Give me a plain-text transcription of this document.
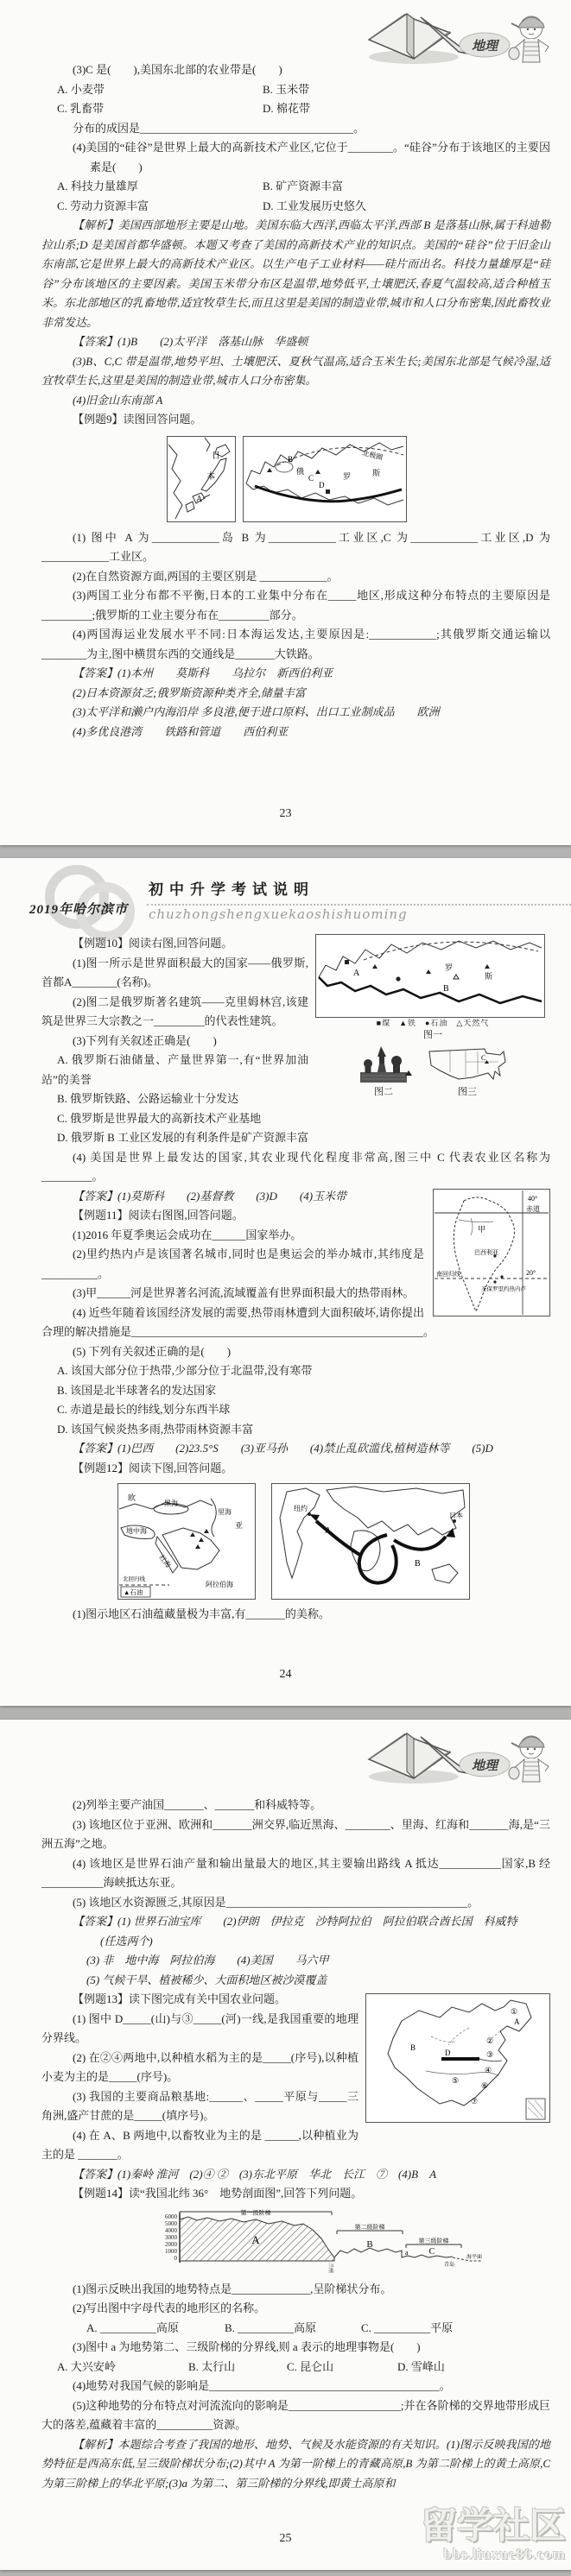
地理
(3)C 是(　　),美国东北部的农业带是(　　)
A. 小麦带	B. 玉米带
C. 乳畜带	D. 棉花带
分布的成因是______________________________________。
(4)美国的“硅谷”是世界上最大的高新技术产业区,它位于________。“硅谷”分布于该地区的主要因素是(　　)
A. 科技力量雄厚	B. 矿产资源丰富
C. 劳动力资源丰富	D. 工业发展历史悠久
【解析】美国西部地形主要是山地。美国东临大西洋,西临太平洋,西部 B 是落基山脉,属于科迪勒拉山系;D 是美国首都华盛顿。本题又考查了美国的高新技术产业的知识点。美国的“硅谷”位于旧金山东南部,它是世界上最大的高新技术产业区。以生产电子工业材料——硅片而出名。科技力量雄厚是“硅谷”分布该地区的主要因素。美国玉米带分布区是温带,地势低平,土壤肥沃,春夏气温较高,适合种植玉米。东北部地区的乳畜地带,适宜牧草生长,而且这里是美国的制造业带,城市和人口分布密集,因此畜牧业非常发达。
【答案】(1)B　　(2)太平洋　落基山脉　华盛顿
(3)B、C,C 带是温带,地势平坦、土壤肥沃、夏秋气温高,适合玉米生长;美国东北部是气候冷湿,适宜牧草生长,这里是美国的制造业带,城市人口分布密集。
(4)旧金山东南部 A
【例题9】读图回答问题。
日
本
A
B
俄
C	罗	斯
D
北极圈
(1) 图中 A 为____________岛 B 为____________工业区,C 为____________工业区,D 为____________工业区。
(2)在自然资源方面,两国的主要区别是 ____________。
(3)两国工业分布都不平衡,日本的工业集中分布在_____地区,形成这种分布特点的主要原因是_________;俄罗斯的工业主要分布在_________部分。
(4)两国海运业发展水平不同:日本海运发达,主要原因是:____________;其俄罗斯交通运输以________为主,图中横贯东西的交通线是_______大铁路。
【答案】(1)本州　　莫斯科　　乌拉尔　新西伯利亚
(2)日本资源贫乏;俄罗斯资源种类齐全,储量丰富
(3)太平洋和濑户内海沿岸 多良港,便于进口原料、出口工业制成品　　欧洲
(4)多优良港湾　　铁路和管道　　西伯利亚
23
2019年哈尔滨市
初中升学考试说明
chuzhongshengxuekaoshishuoming
A
B
罗
斯
■煤　▲铁　●石油　△天然气
图一
图二
C
图三
【例题10】阅读右图,回答问题。
(1)图一所示是世界面积最大的国家——俄罗斯,首都A________(名称)。
(2)图二是俄罗斯著名建筑——克里姆林宫,该建筑是世界三大宗教之一_________的代表性建筑。
(3)下列有关叙述正确是(　　)
A. 俄罗斯石油储量、产量世界第一,有“世界加油站”的美誉
B. 俄罗斯铁路、公路运输业十分发达
C. 俄罗斯是世界最大的高新技术产业基地
D. 俄罗斯 B 工业区发展的有利条件是矿产资源丰富
(4) 美国是世界上最发达的国家,其农业现代化程度非常高,图三中 C 代表农业区名称为_________。
40°
赤道
甲
巴西利亚
南回归线
圣保罗里约热内卢
20°
【答案】(1)莫斯科　　(2)基督教　　(3)D　　(4)玉米带
【例题11】阅读右图图,回答问题。
(1)2016 年夏季奥运会成功在______国家举办。
(2)里约热内卢是该国著名城市,同时也是奥运会的举办城市,其纬度是__________。
(3)甲______河是世界著名河流,流域覆盖有世界面积最大的热带雨林。
(4) 近些年随着该国经济发展的需要,热带雨林遭到大面积破坏,请你提出合理的解决措施是____________________________________________________。
(5) 下列有关叙述正确的是(　　)
A. 该国大部分位于热带,少部分位于北温带,没有寒带
B. 该国是北半球著名的发达国家
C. 赤道是最长的纬线,划分东西半球
D. 该国气候炎热多雨,热带雨林资源丰富
【答案】(1)巴西　　(2)23.5°S　　(3)亚马孙　　(4)禁止乱砍滥伐,植树造林等　　(5)D
【例题12】阅读下图,回答问题。
欧
黑海
里海
亚
地中海
红海
阿拉伯海
北回归线
▲石油
纽约
A
日本
B
(1)图示地区石油蕴藏量极为丰富,有_______的美称。
24
地理
(2)列举主要产油国_______、_______和科威特等。
(3) 该地区位于亚洲、欧洲和_______洲交界,临近黑海、________、里海、红海和_______海,是“三洲五海”之地。
(4) 该地区是世界石油产量和输出量最大的地区,其主要输出路线 A 抵达___________国家,B 经___________海峡抵达东亚。
(5) 该地区水资源匮乏,其原因是___________________________________________。
【答案】(1) 世界石油宝库　　(2)伊朗　伊拉克　沙特阿拉伯　阿拉伯联合酋长国　科威特
(任选两个)
(3) 非　地中海　阿拉伯海　　(4)美国　　马六甲
(5) 气候干旱、植被稀少、大面积地区被沙漠覆盖
①
A
B
②
D	③
④
⑤
⑥
⑦
【例题13】读下图完成有关中国农业问题。
(1) 图中 D_____(山)与③_____(河)一线,是我国重要的地理分界线。
(2) 在②④两地中,以种植水稻为主的是_____(序号),以种植小麦为主的是_____(序号)。
(3) 我国的主要商品粮基地:______、_____平原与_____三角洲,盛产甘蔗的是_____(填序号)。
(4) 在 A、B 两地中,以畜牧业为主的是 ______,以种植业为主的是 _______。
【答案】(1)秦岭 淮河　(2)④ ②　(3)东北平原　华北　长江　⑦　(4)B　A
【例题14】读“我国北纬 36°　地势剖面图”,回答下列问题。
6000
5000
4000
3000
2000
1000
0
第一级阶梯
第二级阶梯
第三级阶梯
A	B
C
a
兰州	青岛
海平面
(1)图示反映出我国的地势特点是______________,呈阶梯状分布。
(2)写出图中字母代表的地形区的名称。
A. __________高原	B. __________高原	C. __________平原
(3)图中 a 为地势第二、三级阶梯的分界线,则 a 表示的地理事物是(　　)
A. 大兴安岭	B. 太行山	C. 昆仑山	D. 雪峰山
(4)地势对我国气候的影响是_________________________________________。
(5)这种地势的分布特点对河流流向的影响是____________________;并在各阶梯的交界地带形成巨大的落差,蕴藏着丰富的__________资源。
【解析】本题综合考查了我国的地形、地势、气候及水能资源的有关知识。(1)图示反映我国的地势特征是西高东低,呈三级阶梯状分布;(2)其中 A 为第一阶梯上的青藏高原,B 为第二阶梯上的黄土高原,C 为第三阶梯上的华北平原;(3)a 为第二、第三阶梯的分界线,即黄土高原和
25	留学社区
bbs.liuxue86.com
